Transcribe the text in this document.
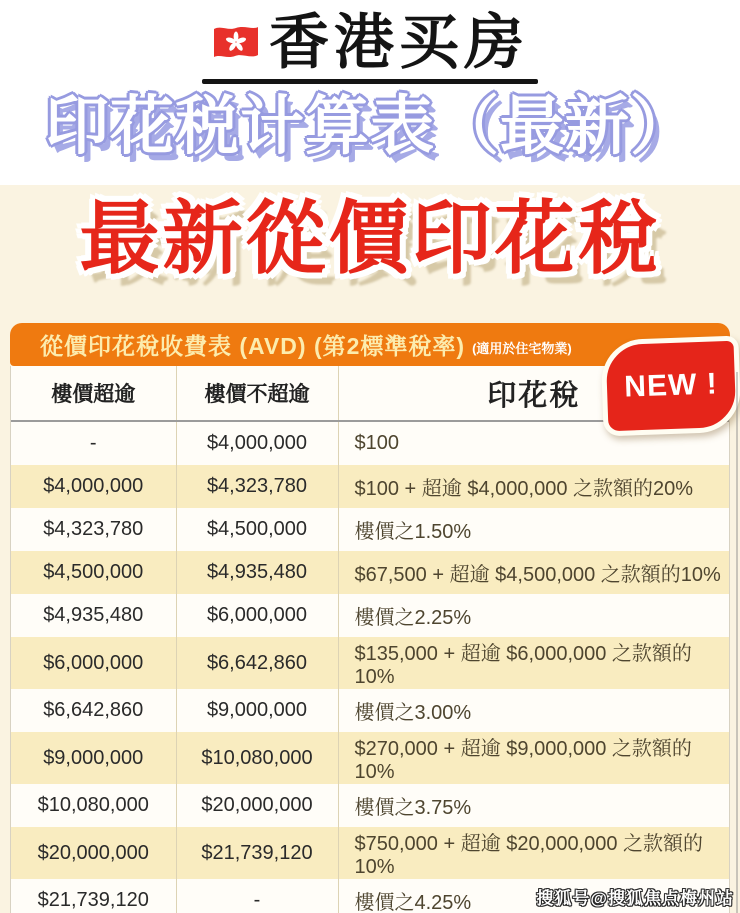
香港买房
印花税计算表（最新）
最新從價印花稅
從價印花稅收費表 (AVD) (第2標準稅率) (適用於住宅物業)
樓價超逾	樓價不超逾	印花稅
-	$4,000,000	$100
$4,000,000	$4,323,780	$100 + 超逾 $4,000,000 之款額的20%
$4,323,780	$4,500,000	樓價之1.50%
$4,500,000	$4,935,480	$67,500 + 超逾 $4,500,000 之款額的10%
$4,935,480	$6,000,000	樓價之2.25%
$6,000,000	$6,642,860	$135,000 + 超逾 $6,000,000 之款額的10%
$6,642,860	$9,000,000	樓價之3.00%
$9,000,000	$10,080,000	$270,000 + 超逾 $9,000,000 之款額的10%
$10,080,000	$20,000,000	樓價之3.75%
$20,000,000	$21,739,120	$750,000 + 超逾 $20,000,000 之款額的10%
$21,739,120	-	樓價之4.25%
NEW !
搜狐号@搜狐焦点梅州站
